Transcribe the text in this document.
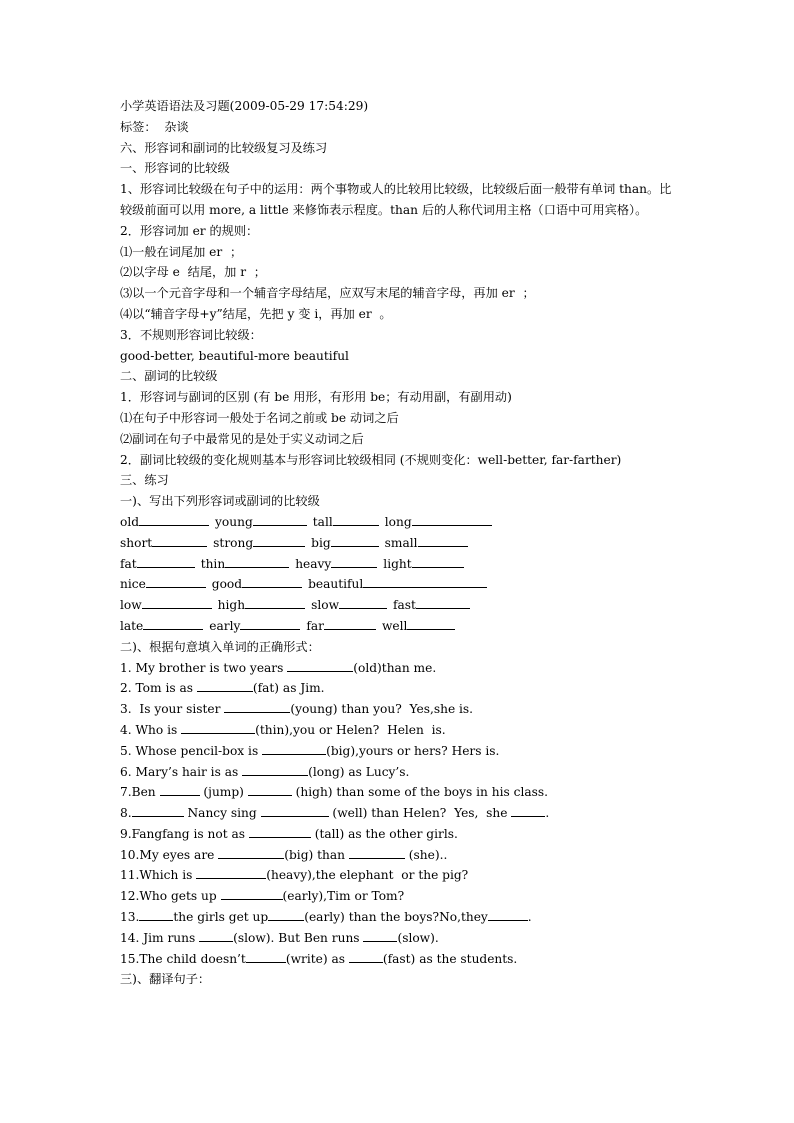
小学英语语法及习题(2009-05-29 17:54:29)
标签：  杂谈
六、形容词和副词的比较级复习及练习
一、形容词的比较级
1、形容词比较级在句子中的运用：两个事物或人的比较用比较级，比较级后面一般带有单词 than。比较级前面可以用 more, a little 来修饰表示程度。than 后的人称代词用主格（口语中可用宾格）。
2．形容词加 er 的规则：
⑴一般在词尾加 er  ；
⑵以字母 e  结尾，加 r  ；
⑶以一个元音字母和一个辅音字母结尾，应双写末尾的辅音字母，再加 er  ；
⑷以“辅音字母+y”结尾，先把 y 变 i，再加 er  。
3．不规则形容词比较级：
good-better, beautiful-more beautiful
二、副词的比较级
1．形容词与副词的区别 (有 be 用形，有形用 be；有动用副，有副用动)
⑴在句子中形容词一般处于名词之前或 be 动词之后
⑵副词在句子中最常见的是处于实义动词之后
2．副词比较级的变化规则基本与形容词比较级相同 (不规则变化：well-better, far-farther)
三、练习
一)、写出下列形容词或副词的比较级
old	young	tall	long
short	strong	big	small
fat	thin	heavy	light
nice	good	beautiful
low	high	slow	fast
late	early	far	well
二)、根据句意填入单词的正确形式：
1. My brother is two years	(old)than me.
2. Tom is as	(fat) as Jim.
3.  Is your sister	(young) than you?  Yes,she is.
4. Who is	(thin),you or Helen?  Helen  is.
5. Whose pencil-box is	(big),yours or hers? Hers is.
6. Mary’s hair is as	(long) as Lucy’s.
7.Ben	(jump)	(high) than some of the boys in his class.
8.	Nancy sing	(well) than Helen?  Yes,  she	.
9.Fangfang is not as	(tall) as the other girls.
10.My eyes are	(big) than	(she)..
11.Which is	(heavy),the elephant  or the pig?
12.Who gets up	(early),Tim or Tom?
13.	the girls get up	(early) than the boys?No,they	.
14. Jim runs	(slow). But Ben runs	(slow).
15.The child doesn’t	(write) as	(fast) as the students.
三)、翻译句子：
